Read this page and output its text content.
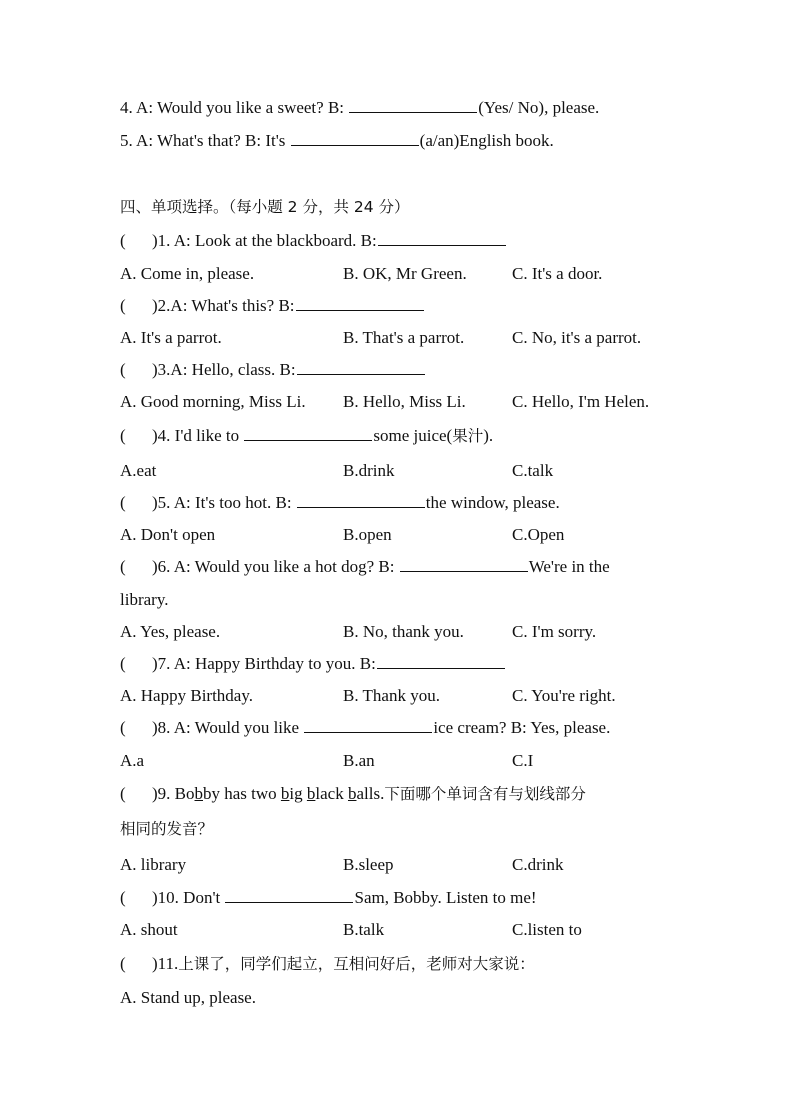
4. A: Would you like a sweet? B:	(Yes/ No), please.
5. A: What's that? B: It's	(a/an)English book.
四、单项选择。（每小题 2 分，共 24 分）
( )1. A: Look at the blackboard. B:
A. Come in, please.	B. OK, Mr Green.	C. It's a door.
( )2.A: What's this? B:
A. It's a parrot.	B. That's a parrot.	C. No, it's a parrot.
( )3.A: Hello, class. B:
A. Good morning, Miss Li. B. Hello, Miss Li.	C. Hello, I'm Helen.
( )4. I'd like to	some juice(果汁).
A.eat	B.drink	C.talk
( )5. A: It's too hot. B:	the window, please.
A. Don't open	B.open	C.Open
( )6. A: Would you like a hot dog? B:	We're in the
library.
A. Yes, please.	B. No, thank you.	C. I'm sorry.
( )7. A: Happy Birthday to you. B:
A. Happy Birthday.	B. Thank you.	C. You're right.
( )8. A: Would you like	ice cream? B: Yes, please.
A.a	B.an	C.I
( )9. Bobby has two big black balls.下面哪个单词含有与划线部分
相同的发音？
A. library	B.sleep	C.drink
( )10. Don't	Sam, Bobby. Listen to me!
A. shout	B.talk	C.listen to
( )11.上课了，同学们起立，互相问好后，老师对大家说：
A. Stand up, please.
